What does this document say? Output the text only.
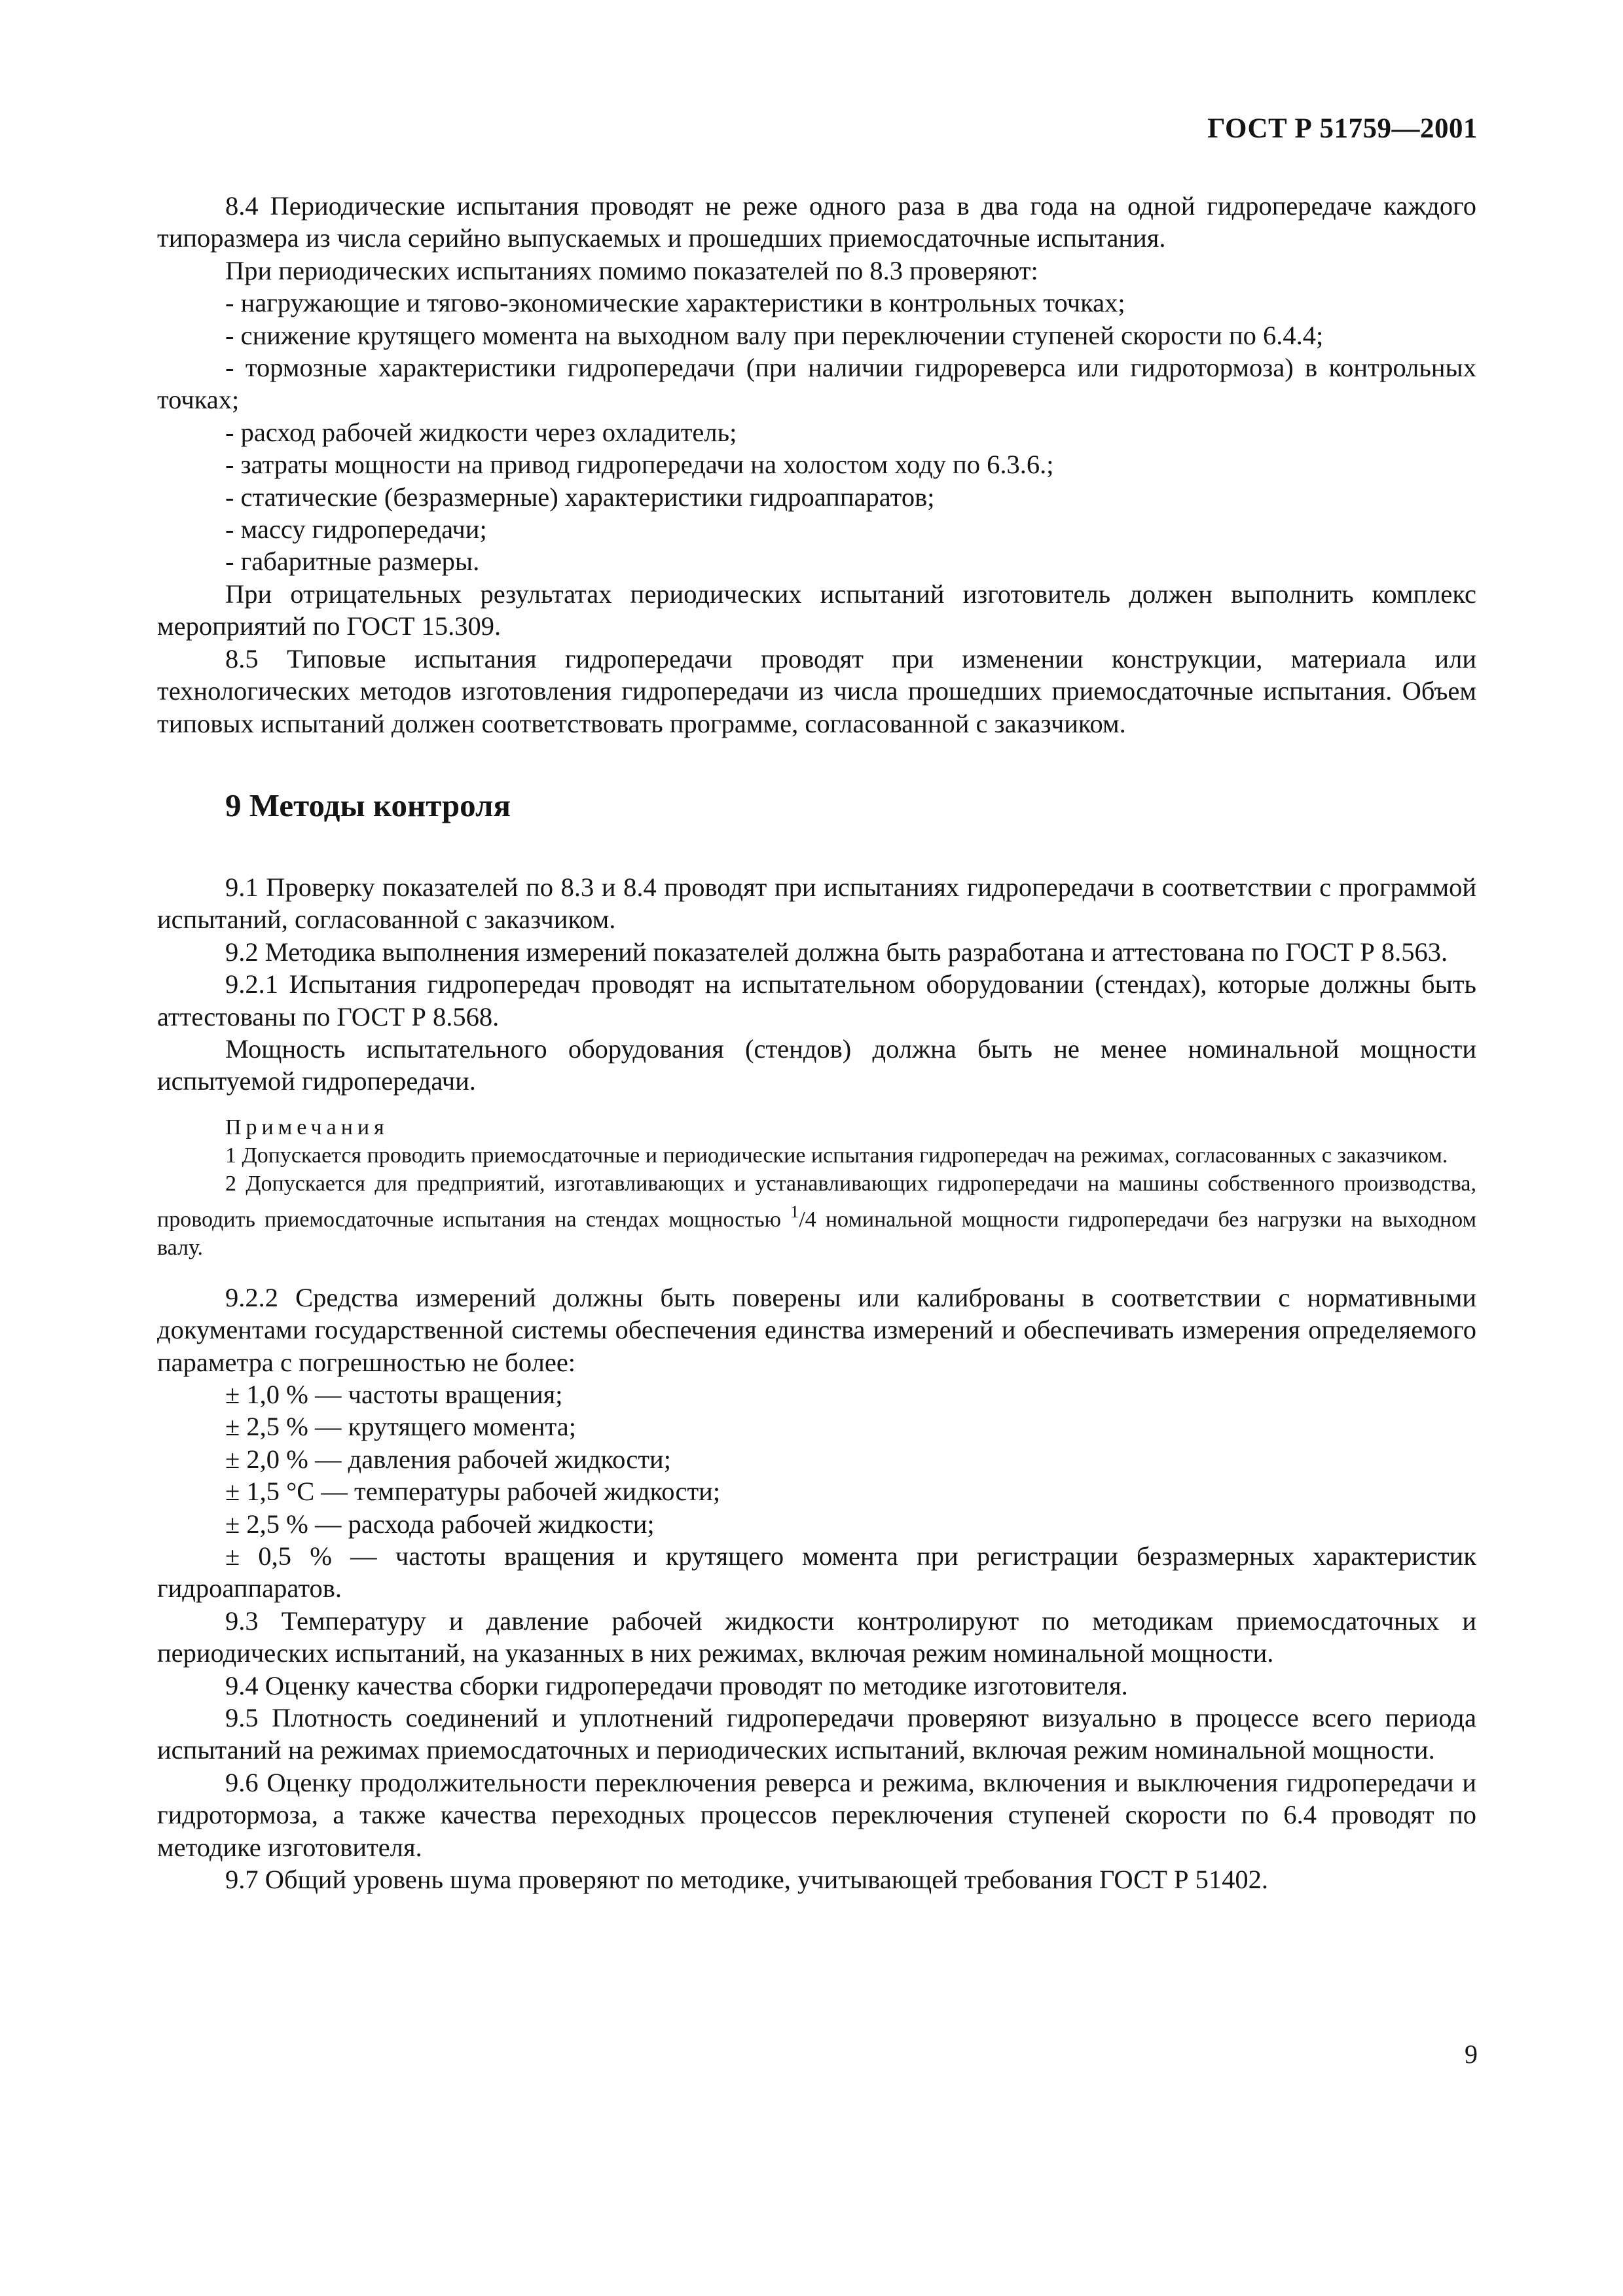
ГОСТ Р 51759—2001

8.4 Периодические испытания проводят не реже одного раза в два года на одной гидропередаче каждого типоразмера из числа серийно выпускаемых и прошедших приемосдаточные испытания.

При периодических испытаниях помимо показателей по 8.3 проверяют:

- нагружающие и тягово-экономические характеристики в контрольных точках;

- снижение крутящего момента на выходном валу при переключении ступеней скорости по 6.4.4;

- тормозные характеристики гидропередачи (при наличии гидрореверса или гидротормоза) в контрольных точках;

- расход рабочей жидкости через охладитель;

- затраты мощности на привод гидропередачи на холостом ходу по 6.3.6.;

- статические (безразмерные) характеристики гидроаппаратов;

- массу гидропередачи;

- габаритные размеры.

При отрицательных результатах периодических испытаний изготовитель должен выполнить комплекс мероприятий по ГОСТ 15.309.

8.5 Типовые испытания гидропередачи проводят при изменении конструкции, материала или технологических методов изготовления гидропередачи из числа прошедших приемосдаточные испытания. Объем типовых испытаний должен соответствовать программе, согласованной с заказчиком.

9 Методы контроля

9.1 Проверку показателей по 8.3 и 8.4 проводят при испытаниях гидропередачи в соответствии с программой испытаний, согласованной с заказчиком.

9.2 Методика выполнения измерений показателей должна быть разработана и аттестована по ГОСТ Р 8.563.

9.2.1 Испытания гидропередач проводят на испытательном оборудовании (стендах), которые должны быть аттестованы по ГОСТ Р 8.568.

Мощность испытательного оборудования (стендов) должна быть не менее номинальной мощности испытуемой гидропередачи.

Примечания

1 Допускается проводить приемосдаточные и периодические испытания гидропередач на режимах, согласованных с заказчиком.

2 Допускается для предприятий, изготавливающих и устанавливающих гидропередачи на машины собственного производства, проводить приемосдаточные испытания на стендах мощностью $^1$/4 номинальной мощности гидропередачи без нагрузки на выходном валу.

9.2.2 Средства измерений должны быть поверены или калиброваны в соответствии с нормативными документами государственной системы обеспечения единства измерений и обеспечивать измерения определяемого параметра с погрешностью не более:

± 1,0 % — частоты вращения;

± 2,5 % — крутящего момента;

± 2,0 % — давления рабочей жидкости;

± 1,5 °С — температуры рабочей жидкости;

± 2,5 % — расхода рабочей жидкости;

± 0,5 % — частоты вращения и крутящего момента при регистрации безразмерных характеристик гидроаппаратов.

9.3 Температуру и давление рабочей жидкости контролируют по методикам приемосдаточных и периодических испытаний, на указанных в них режимах, включая режим номинальной мощности.

9.4 Оценку качества сборки гидропередачи проводят по методике изготовителя.

9.5 Плотность соединений и уплотнений гидропередачи проверяют визуально в процессе всего периода испытаний на режимах приемосдаточных и периодических испытаний, включая режим номинальной мощности.

9.6 Оценку продолжительности переключения реверса и режима, включения и выключения гидропередачи и гидротормоза, а также качества переходных процессов переключения ступеней скорости по 6.4 проводят по методике изготовителя.

9.7 Общий уровень шума проверяют по методике, учитывающей требования ГОСТ Р 51402.

9
